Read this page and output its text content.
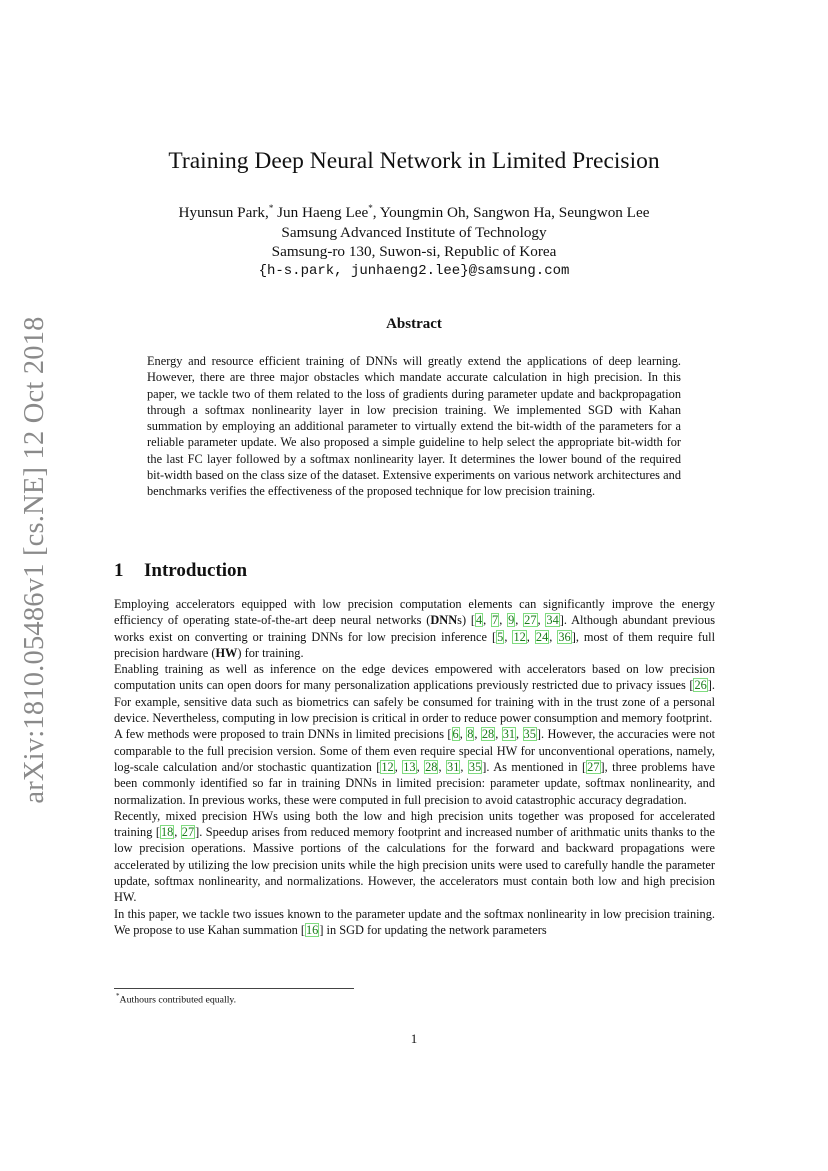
arXiv:1810.05486v1 [cs.NE] 12 Oct 2018
Training Deep Neural Network in Limited Precision
Hyunsun Park,* Jun Haeng Lee*, Youngmin Oh, Sangwon Ha, Seungwon Lee
Samsung Advanced Institute of Technology
Samsung-ro 130, Suwon-si, Republic of Korea
{h-s.park, junhaeng2.lee}@samsung.com
Abstract

Energy and resource efficient training of DNNs will greatly extend the applications of deep learning. However, there are three major obstacles which mandate accurate calculation in high precision. In this paper, we tackle two of them related to the loss of gradients during parameter update and backpropagation through a softmax nonlinearity layer in low precision training. We implemented SGD with Kahan summation by employing an additional parameter to virtually extend the bit-width of the parameters for a reliable parameter update. We also proposed a simple guideline to help select the appropriate bit-width for the last FC layer followed by a softmax nonlinearity layer. It determines the lower bound of the required bit-width based on the class size of the dataset. Extensive experiments on various network architectures and benchmarks verifies the effectiveness of the proposed technique for low precision training.

1 Introduction

Employing accelerators equipped with low precision computation elements can significantly improve the energy efficiency of operating state-of-the-art deep neural networks (DNNs) [4, 7, 9, 27, 34]. Although abundant previous works exist on converting or training DNNs for low precision inference [5, 12, 24, 36], most of them require full precision hardware (HW) for training.

Enabling training as well as inference on the edge devices empowered with accelerators based on low precision computation units can open doors for many personalization applications previously restricted due to privacy issues [26]. For example, sensitive data such as biometrics can safely be consumed for training with in the trust zone of a personal device. Nevertheless, computing in low precision is critical in order to reduce power consumption and memory footprint.

A few methods were proposed to train DNNs in limited precisions [6, 8, 28, 31, 35]. However, the accuracies were not comparable to the full precision version. Some of them even require special HW for unconventional operations, namely, log-scale calculation and/or stochastic quantization [12, 13, 28, 31, 35]. As mentioned in [27], three problems have been commonly identified so far in training DNNs in limited precision: parameter update, softmax nonlinearity, and normalization. In previous works, these were computed in full precision to avoid catastrophic accuracy degradation.

Recently, mixed precision HWs using both the low and high precision units together was proposed for accelerated training [18, 27]. Speedup arises from reduced memory footprint and increased number of arithmatic units thanks to the low precision operations. Massive portions of the calculations for the forward and backward propagations were accelerated by utilizing the low precision units while the high precision units were used to carefully handle the parameter update, softmax nonlinearity, and normalizations. However, the accelerators must contain both low and high precision HW.

In this paper, we tackle two issues known to the parameter update and the softmax nonlinearity in low precision training. We propose to use Kahan summation [16] in SGD for updating the network parameters

*Authours contributed equally.
1
